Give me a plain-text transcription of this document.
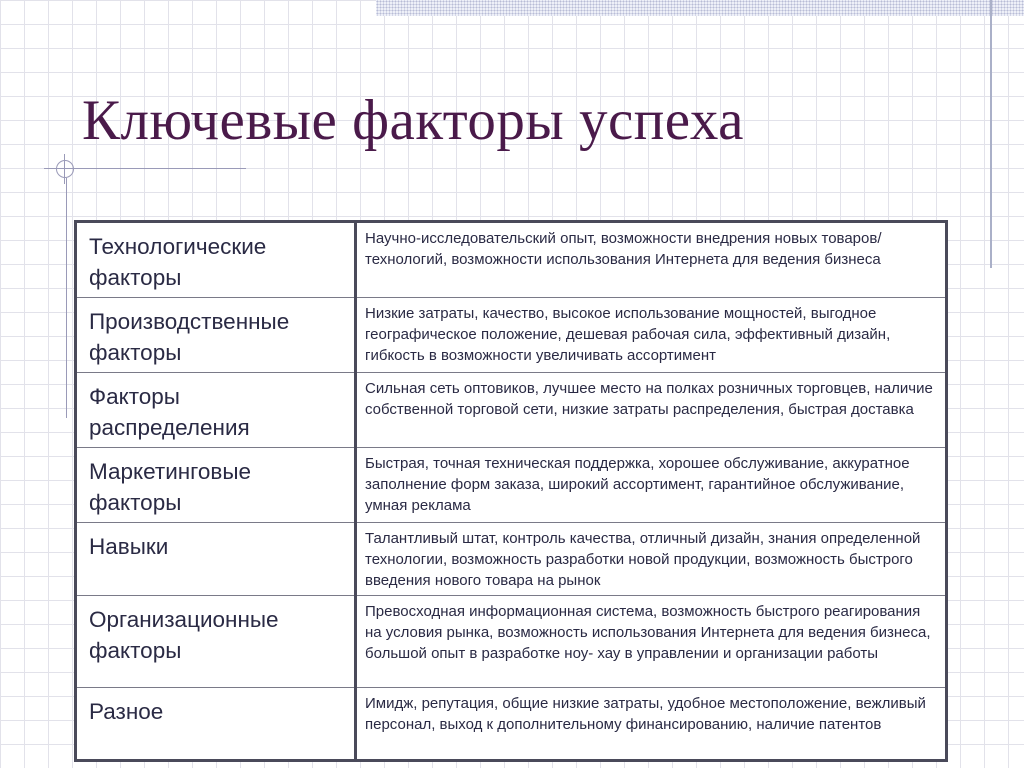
Ключевые факторы успеха
Технологические факторы	Научно-исследовательский опыт, возможности внедрения новых товаров/технологий, возможности использования Интернета для ведения бизнеса
Производственные факторы	Низкие затраты, качество, высокое использование мощностей, выгодное географическое положение, дешевая рабочая сила, эффективный дизайн, гибкость в возможности увеличивать ассортимент
Факторы распределения	Сильная сеть оптовиков, лучшее место на полках розничных торговцев, наличие собственной торговой сети, низкие затраты распределения, быстрая доставка
Маркетинговые факторы	Быстрая, точная техническая поддержка, хорошее обслуживание, аккуратное заполнение форм заказа, широкий ассортимент, гарантийное обслуживание, умная реклама
Навыки	Талантливый штат, контроль качества, отличный дизайн, знания определенной технологии, возможность разработки новой продукции, возможность быстрого введения нового товара на рынок
Организационные факторы	Превосходная информационная система, возможность быстрого реагирования на условия рынка, возможность использования Интернета для ведения бизнеса, большой опыт в разработке ноу- хау в управлении и организации работы
Разное	Имидж, репутация, общие низкие затраты, удобное местоположение, вежливый персонал, выход к дополнительному финансированию, наличие патентов
